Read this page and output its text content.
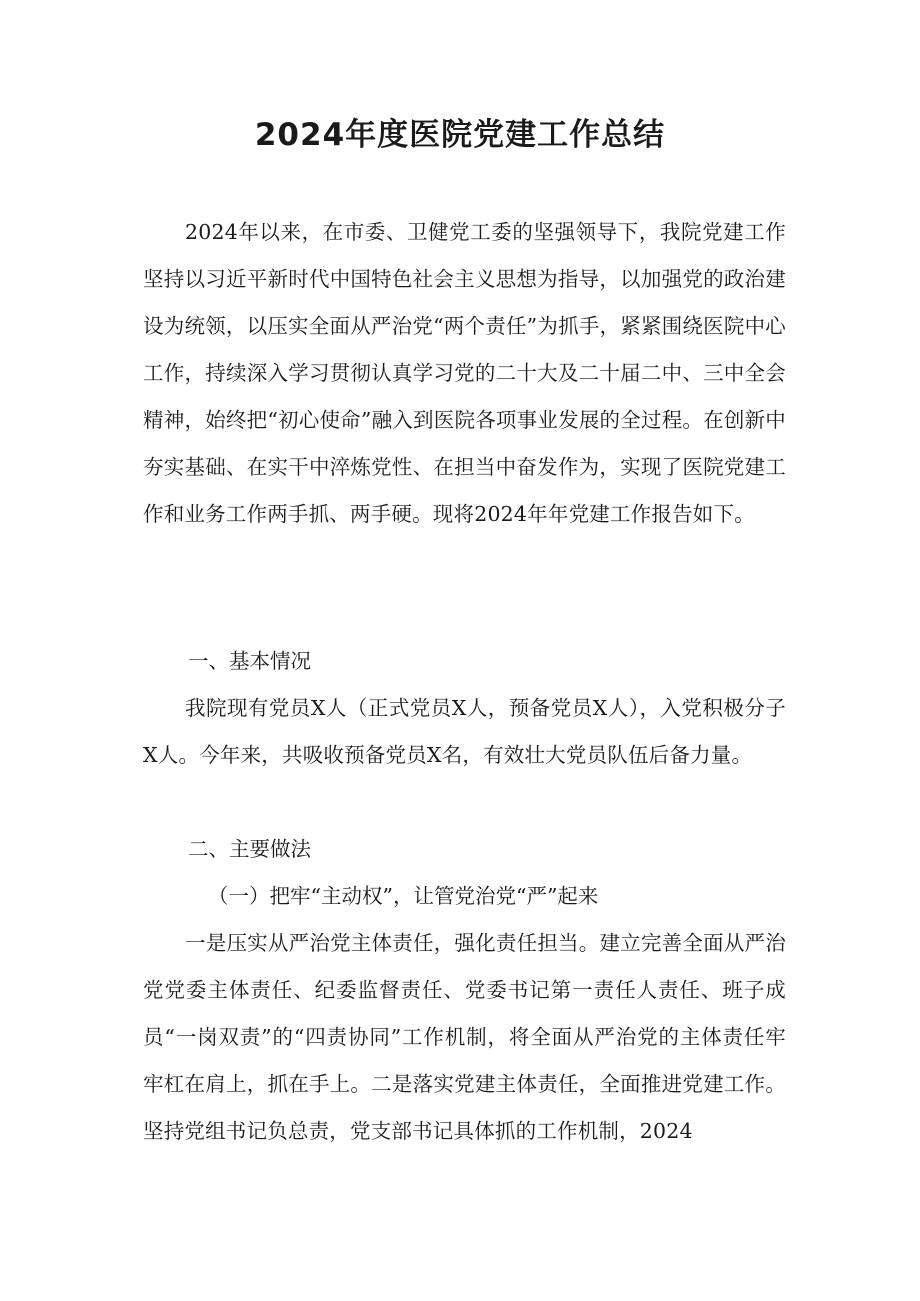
2024年度医院党建工作总结

2024年以来，在市委、卫健党工委的坚强领导下，我院党建工作坚持以习近平新时代中国特色社会主义思想为指导，以加强党的政治建设为统领，以压实全面从严治党“两个责任”为抓手，紧紧围绕医院中心工作，持续深入学习贯彻认真学习党的二十大及二十届二中、三中全会精神，始终把“初心使命”融入到医院各项事业发展的全过程。在创新中夯实基础、在实干中淬炼党性、在担当中奋发作为，实现了医院党建工作和业务工作两手抓、两手硬。现将2024年年党建工作报告如下。

一、基本情况

我院现有党员X人（正式党员X人，预备党员X人），入党积极分子X人。今年来，共吸收预备党员X名，有效壮大党员队伍后备力量。

二、主要做法

（一）把牢“主动权”，让管党治党“严”起来

一是压实从严治党主体责任，强化责任担当。建立完善全面从严治党党委主体责任、纪委监督责任、党委书记第一责任人责任、班子成员“一岗双责”的“四责协同”工作机制，将全面从严治党的主体责任牢牢杠在肩上，抓在手上。二是落实党建主体责任，全面推进党建工作。坚持党组书记负总责，党支部书记具体抓的工作机制，2024
